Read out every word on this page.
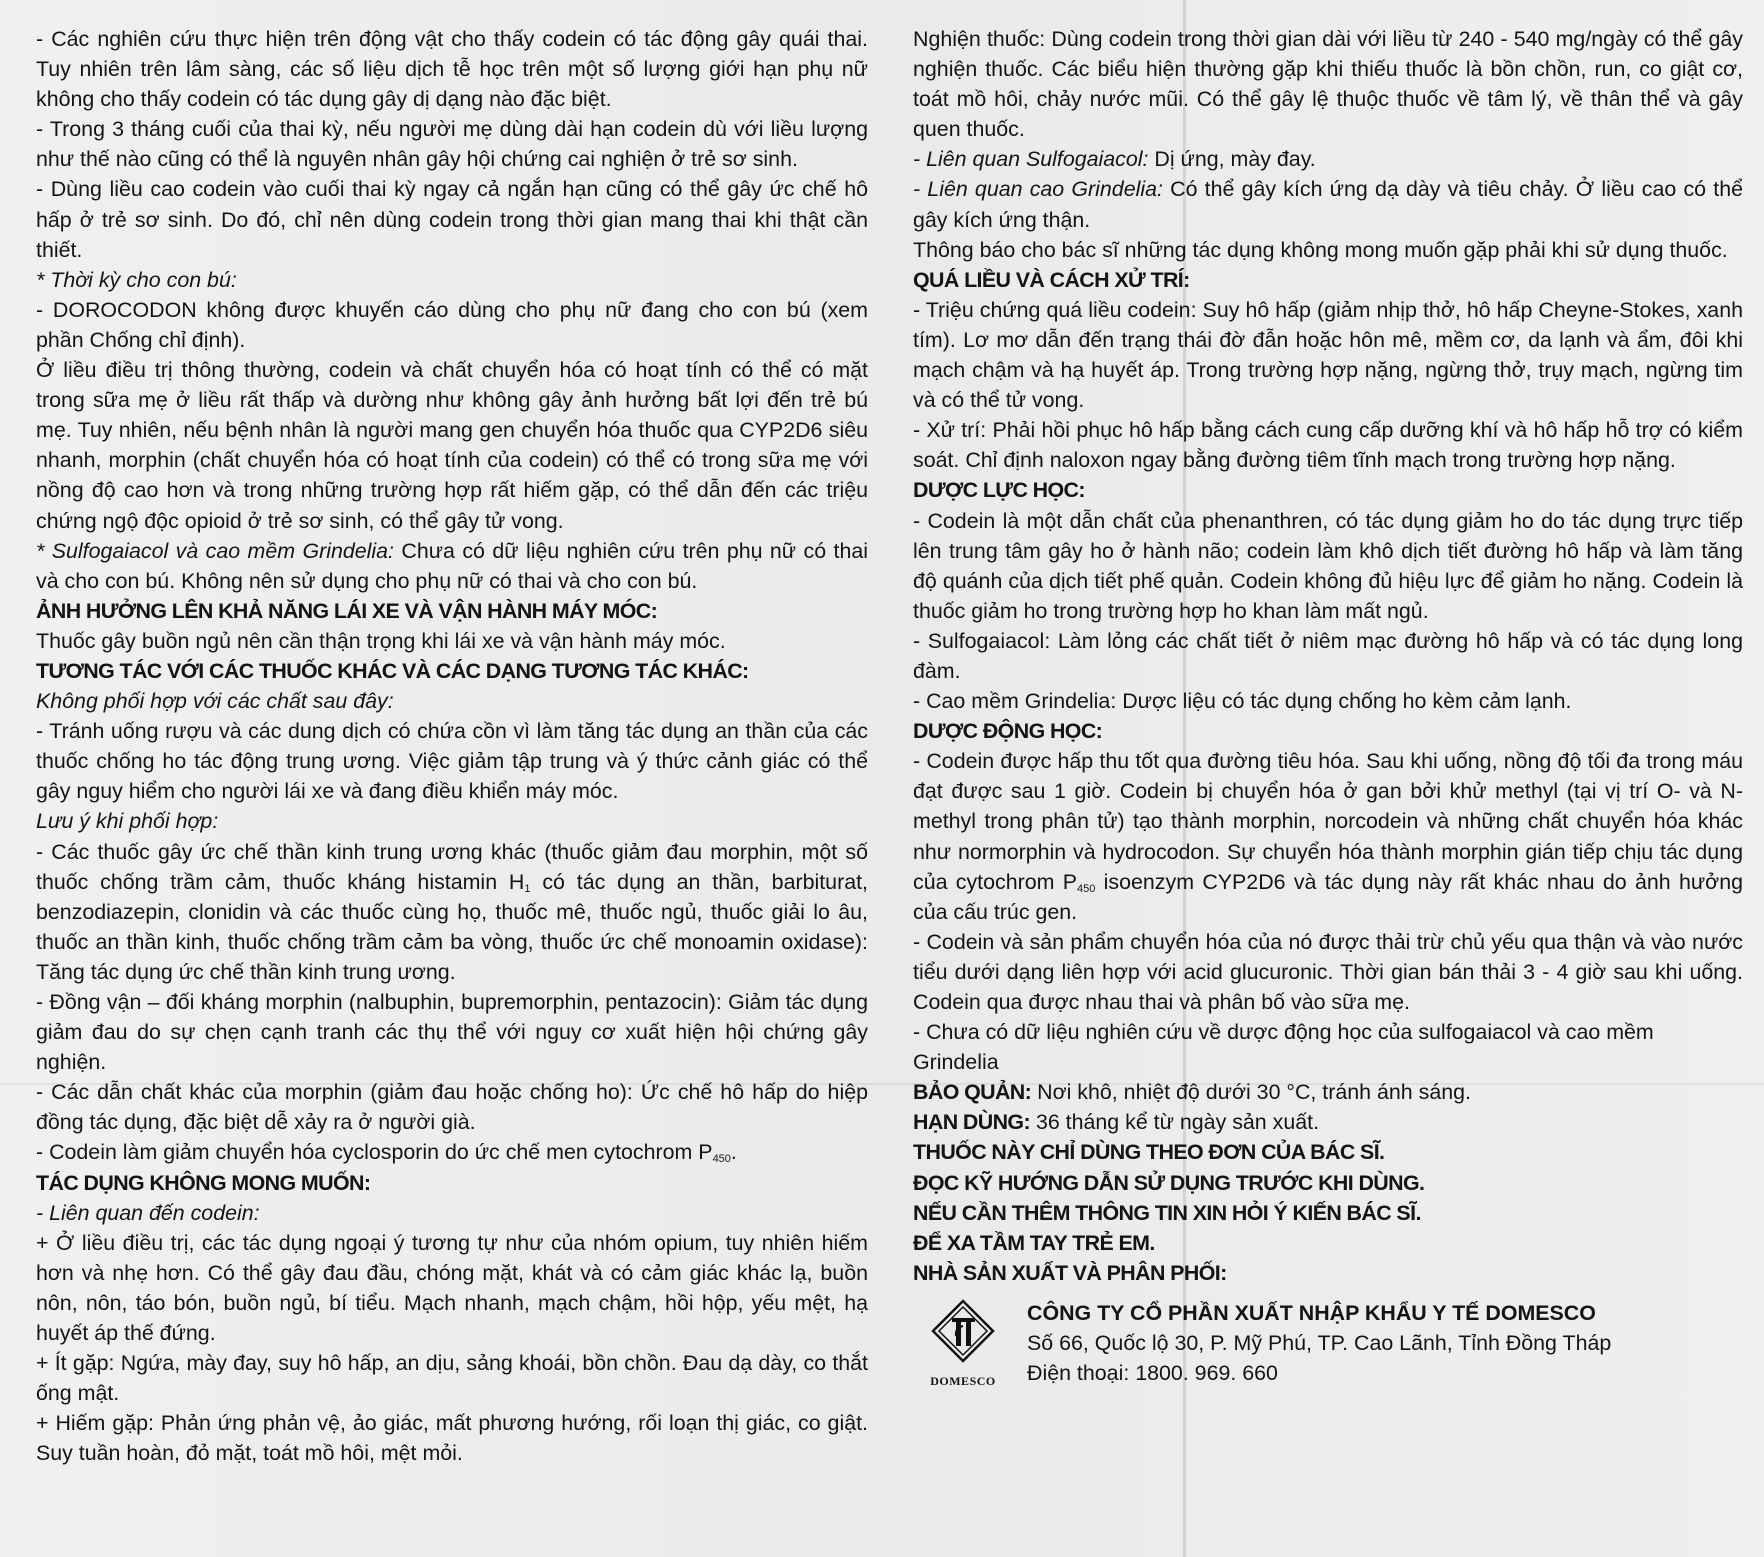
- Các nghiên cứu thực hiện trên động vật cho thấy codein có tác động gây quái thai. Tuy nhiên trên lâm sàng, các số liệu dịch tễ học trên một số lượng giới hạn phụ nữ không cho thấy codein có tác dụng gây dị dạng nào đặc biệt.

- Trong 3 tháng cuối của thai kỳ, nếu người mẹ dùng dài hạn codein dù với liều lượng như thế nào cũng có thể là nguyên nhân gây hội chứng cai nghiện ở trẻ sơ sinh.

- Dùng liều cao codein vào cuối thai kỳ ngay cả ngắn hạn cũng có thể gây ức chế hô hấp ở trẻ sơ sinh. Do đó, chỉ nên dùng codein trong thời gian mang thai khi thật cần thiết.

* Thời kỳ cho con bú:

- DOROCODON không được khuyến cáo dùng cho phụ nữ đang cho con bú (xem phần Chống chỉ định).

Ở liều điều trị thông thường, codein và chất chuyển hóa có hoạt tính có thể có mặt trong sữa mẹ ở liều rất thấp và dường như không gây ảnh hưởng bất lợi đến trẻ bú mẹ. Tuy nhiên, nếu bệnh nhân là người mang gen chuyển hóa thuốc qua CYP2D6 siêu nhanh, morphin (chất chuyển hóa có hoạt tính của codein) có thể có trong sữa mẹ với nồng độ cao hơn và trong những trường hợp rất hiếm gặp, có thể dẫn đến các triệu chứng ngộ độc opioid ở trẻ sơ sinh, có thể gây tử vong.

* Sulfogaiacol và cao mềm Grindelia: Chưa có dữ liệu nghiên cứu trên phụ nữ có thai và cho con bú. Không nên sử dụng cho phụ nữ có thai và cho con bú.

ẢNH HƯỞNG LÊN KHẢ NĂNG LÁI XE VÀ VẬN HÀNH MÁY MÓC:

Thuốc gây buồn ngủ nên cần thận trọng khi lái xe và vận hành máy móc.

TƯƠNG TÁC VỚI CÁC THUỐC KHÁC VÀ CÁC DẠNG TƯƠNG TÁC KHÁC:

Không phối hợp với các chất sau đây:

- Tránh uống rượu và các dung dịch có chứa cồn vì làm tăng tác dụng an thần của các thuốc chống ho tác động trung ương. Việc giảm tập trung và ý thức cảnh giác có thể gây nguy hiểm cho người lái xe và đang điều khiển máy móc.

Lưu ý khi phối hợp:

- Các thuốc gây ức chế thần kinh trung ương khác (thuốc giảm đau morphin, một số thuốc chống trầm cảm, thuốc kháng histamin $H_1$ có tác dụng an thần, barbiturat, benzodiazepin, clonidin và các thuốc cùng họ, thuốc mê, thuốc ngủ, thuốc giải lo âu, thuốc an thần kinh, thuốc chống trầm cảm ba vòng, thuốc ức chế monoamin oxidase): Tăng tác dụng ức chế thần kinh trung ương.

- Đồng vận – đối kháng morphin (nalbuphin, bupremorphin, pentazocin): Giảm tác dụng giảm đau do sự chẹn cạnh tranh các thụ thể với nguy cơ xuất hiện hội chứng gây nghiện.

- Các dẫn chất khác của morphin (giảm đau hoặc chống ho): Ức chế hô hấp do hiệp đồng tác dụng, đặc biệt dễ xảy ra ở người già.

- Codein làm giảm chuyển hóa cyclosporin do ức chế men cytochrom $P_{450}$.

TÁC DỤNG KHÔNG MONG MUỐN:

- Liên quan đến codein:

+ Ở liều điều trị, các tác dụng ngoại ý tương tự như của nhóm opium, tuy nhiên hiếm hơn và nhẹ hơn. Có thể gây đau đầu, chóng mặt, khát và có cảm giác khác lạ, buồn nôn, nôn, táo bón, buồn ngủ, bí tiểu. Mạch nhanh, mạch chậm, hồi hộp, yếu mệt, hạ huyết áp thế đứng.

+ Ít gặp: Ngứa, mày đay, suy hô hấp, an dịu, sảng khoái, bồn chồn. Đau dạ dày, co thắt ống mật.

+ Hiếm gặp: Phản ứng phản vệ, ảo giác, mất phương hướng, rối loạn thị giác, co giật. Suy tuần hoàn, đỏ mặt, toát mồ hôi, mệt mỏi.

Nghiện thuốc: Dùng codein trong thời gian dài với liều từ 240 - 540 mg/ngày có thể gây nghiện thuốc. Các biểu hiện thường gặp khi thiếu thuốc là bồn chồn, run, co giật cơ, toát mồ hôi, chảy nước mũi. Có thể gây lệ thuộc thuốc về tâm lý, về thân thể và gây quen thuốc.

- Liên quan Sulfogaiacol: Dị ứng, mày đay.

- Liên quan cao Grindelia: Có thể gây kích ứng dạ dày và tiêu chảy. Ở liều cao có thể gây kích ứng thận.

Thông báo cho bác sĩ những tác dụng không mong muốn gặp phải khi sử dụng thuốc.

QUÁ LIỀU VÀ CÁCH XỬ TRÍ:

- Triệu chứng quá liều codein: Suy hô hấp (giảm nhịp thở, hô hấp Cheyne-Stokes, xanh tím). Lơ mơ dẫn đến trạng thái đờ đẫn hoặc hôn mê, mềm cơ, da lạnh và ẩm, đôi khi mạch chậm và hạ huyết áp. Trong trường hợp nặng, ngừng thở, trụy mạch, ngừng tim và có thể tử vong.

- Xử trí: Phải hồi phục hô hấp bằng cách cung cấp dưỡng khí và hô hấp hỗ trợ có kiểm soát. Chỉ định naloxon ngay bằng đường tiêm tĩnh mạch trong trường hợp nặng.

DƯỢC LỰC HỌC:

- Codein là một dẫn chất của phenanthren, có tác dụng giảm ho do tác dụng trực tiếp lên trung tâm gây ho ở hành não; codein làm khô dịch tiết đường hô hấp và làm tăng độ quánh của dịch tiết phế quản. Codein không đủ hiệu lực để giảm ho nặng. Codein là thuốc giảm ho trong trường hợp ho khan làm mất ngủ.

- Sulfogaiacol: Làm lỏng các chất tiết ở niêm mạc đường hô hấp và có tác dụng long đàm.

- Cao mềm Grindelia: Dược liệu có tác dụng chống ho kèm cảm lạnh.

DƯỢC ĐỘNG HỌC:

- Codein được hấp thu tốt qua đường tiêu hóa. Sau khi uống, nồng độ tối đa trong máu đạt được sau 1 giờ. Codein bị chuyển hóa ở gan bởi khử methyl (tại vị trí O- và N-methyl trong phân tử) tạo thành morphin, norcodein và những chất chuyển hóa khác như normorphin và hydrocodon. Sự chuyển hóa thành morphin gián tiếp chịu tác dụng của cytochrom $P_{450}$ isoenzym CYP2D6 và tác dụng này rất khác nhau do ảnh hưởng của cấu trúc gen.

- Codein và sản phẩm chuyển hóa của nó được thải trừ chủ yếu qua thận và vào nước tiểu dưới dạng liên hợp với acid glucuronic. Thời gian bán thải 3 - 4 giờ sau khi uống. Codein qua được nhau thai và phân bố vào sữa mẹ.

- Chưa có dữ liệu nghiên cứu về dược động học của sulfogaiacol và cao mềm Grindelia

BẢO QUẢN: Nơi khô, nhiệt độ dưới 30 °C, tránh ánh sáng.

HẠN DÙNG: 36 tháng kể từ ngày sản xuất.

THUỐC NÀY CHỈ DÙNG THEO ĐƠN CỦA BÁC SĨ.

ĐỌC KỸ HƯỚNG DẪN SỬ DỤNG TRƯỚC KHI DÙNG.

NẾU CẦN THÊM THÔNG TIN XIN HỎI Ý KIẾN BÁC SĨ.

ĐỂ XA TẦM TAY TRẺ EM.

NHÀ SẢN XUẤT VÀ PHÂN PHỐI:

DOMESCO

CÔNG TY CỔ PHẦN XUẤT NHẬP KHẨU Y TẾ DOMESCO

Số 66, Quốc lộ 30, P. Mỹ Phú, TP. Cao Lãnh, Tỉnh Đồng Tháp

Điện thoại: 1800. 969. 660
